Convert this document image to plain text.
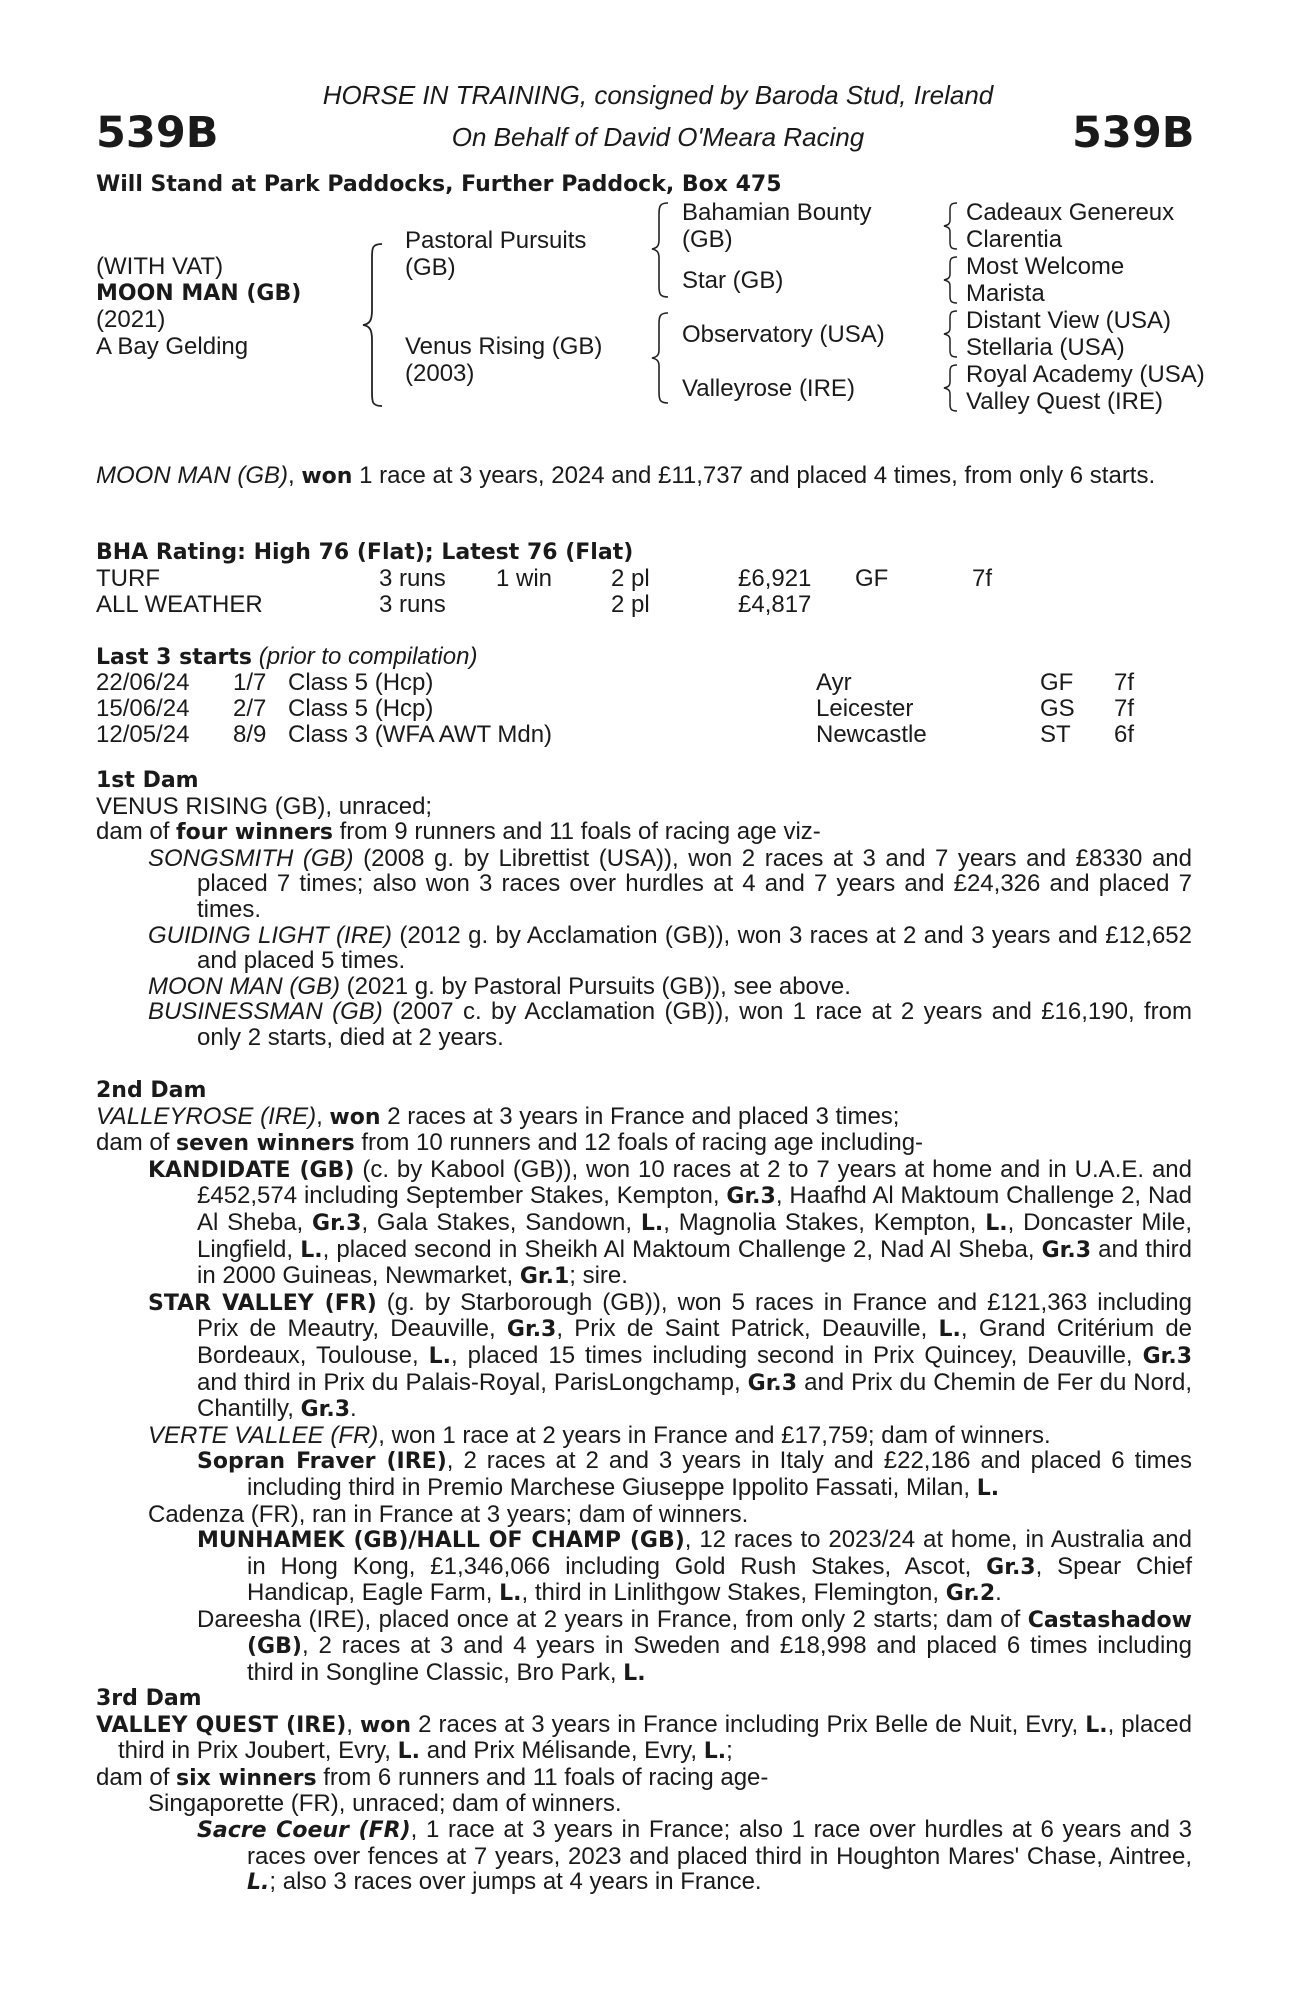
539B	539B
HORSE IN TRAINING, consigned by Baroda Stud, Ireland
On Behalf of David O'Meara Racing
Will Stand at Park Paddocks, Further Paddock, Box 475
(WITH VAT)
MOON MAN (GB)
(2021)
A Bay Gelding
Pastoral Pursuits
(GB)
Venus Rising (GB)
(2003)
Bahamian Bounty
(GB)
Star (GB)
Observatory (USA)
Valleyrose (IRE)
Cadeaux Genereux
Clarentia
Most Welcome
Marista
Distant View (USA)
Stellaria (USA)
Royal Academy (USA)
Valley Quest (IRE)
MOON MAN (GB), won 1 race at 3 years, 2024 and £11,737 and placed 4 times, from only 6 starts.
BHA Rating: High 76 (Flat); Latest 76 (Flat)
TURF	3 runs 1 win 2 pl	£6,921 GF	7f
ALL WEATHER	3 runs	2 pl	£4,817
Last 3 starts (prior to compilation)
22/06/24 1/7 Class 5 (Hcp)	Ayr	GF 7f
15/06/24 2/7 Class 5 (Hcp)	Leicester	GS 7f
12/05/24 8/9 Class 3 (WFA AWT Mdn)	Newcastle	ST 6f
1st Dam
VENUS RISING (GB), unraced;
dam of four winners from 9 runners and 11 foals of racing age viz-
SONGSMITH (GB) (2008 g. by Librettist (USA)), won 2 races at 3 and 7 years and £8330 and placed 7 times; also won 3 races over hurdles at 4 and 7 years and £24,326 and placed 7 times.
GUIDING LIGHT (IRE) (2012 g. by Acclamation (GB)), won 3 races at 2 and 3 years and £12,652 and placed 5 times.
MOON MAN (GB) (2021 g. by Pastoral Pursuits (GB)), see above.
BUSINESSMAN (GB) (2007 c. by Acclamation (GB)), won 1 race at 2 years and £16,190, from only 2 starts, died at 2 years.
2nd Dam
VALLEYROSE (IRE), won 2 races at 3 years in France and placed 3 times;
dam of seven winners from 10 runners and 12 foals of racing age including-
KANDIDATE (GB) (c. by Kabool (GB)), won 10 races at 2 to 7 years at home and in U.A.E. and £452,574 including September Stakes, Kempton, Gr.3, Haafhd Al Maktoum Challenge 2, Nad Al Sheba, Gr.3, Gala Stakes, Sandown, L., Magnolia Stakes, Kempton, L., Doncaster Mile, Lingfield, L., placed second in Sheikh Al Maktoum Challenge 2, Nad Al Sheba, Gr.3 and third in 2000 Guineas, Newmarket, Gr.1; sire.
STAR VALLEY (FR) (g. by Starborough (GB)), won 5 races in France and £121,363 including Prix de Meautry, Deauville, Gr.3, Prix de Saint Patrick, Deauville, L., Grand Critérium de Bordeaux, Toulouse, L., placed 15 times including second in Prix Quincey, Deauville, Gr.3 and third in Prix du Palais-Royal, ParisLongchamp, Gr.3 and Prix du Chemin de Fer du Nord, Chantilly, Gr.3.
VERTE VALLEE (FR), won 1 race at 2 years in France and £17,759; dam of winners.
Sopran Fraver (IRE), 2 races at 2 and 3 years in Italy and £22,186 and placed 6 times including third in Premio Marchese Giuseppe Ippolito Fassati, Milan, L.
Cadenza (FR), ran in France at 3 years; dam of winners.
MUNHAMEK (GB)/HALL OF CHAMP (GB), 12 races to 2023/24 at home, in Australia and in Hong Kong, £1,346,066 including Gold Rush Stakes, Ascot, Gr.3, Spear Chief Handicap, Eagle Farm, L., third in Linlithgow Stakes, Flemington, Gr.2.
Dareesha (IRE), placed once at 2 years in France, from only 2 starts; dam of Castashadow (GB), 2 races at 3 and 4 years in Sweden and £18,998 and placed 6 times including third in Songline Classic, Bro Park, L.
3rd Dam
VALLEY QUEST (IRE), won 2 races at 3 years in France including Prix Belle de Nuit, Evry, L., placed third in Prix Joubert, Evry, L. and Prix Mélisande, Evry, L.;
dam of six winners from 6 runners and 11 foals of racing age-
Singaporette (FR), unraced; dam of winners.
Sacre Coeur (FR), 1 race at 3 years in France; also 1 race over hurdles at 6 years and 3 races over fences at 7 years, 2023 and placed third in Houghton Mares' Chase, Aintree, L.; also 3 races over jumps at 4 years in France.
